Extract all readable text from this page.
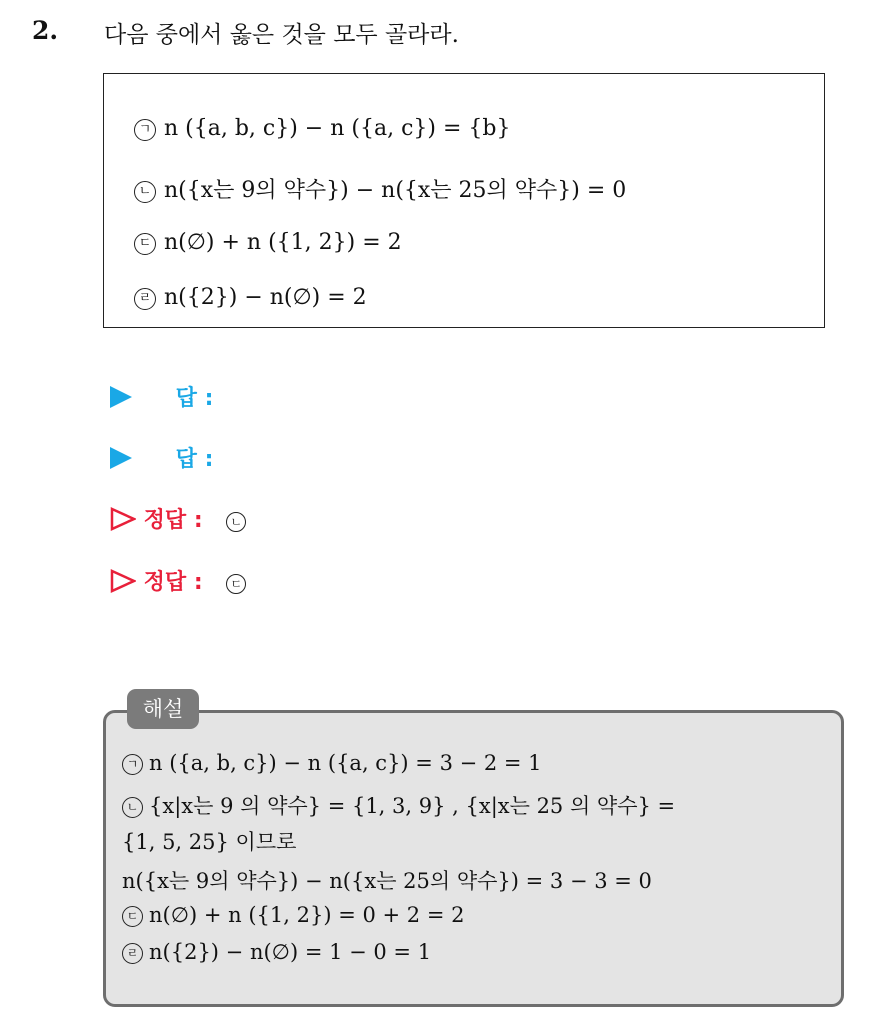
2. 다음 중에서 옳은 것을 모두 골라라.
ㄱ n ({a, b, c}) − n ({a, c}) = {b}
ㄴ n({x는 9의 약수}) − n({x는 25의 약수}) = 0
ㄷ n(∅) + n ({1, 2}) = 2
ㄹ n({2}) − n(∅) = 2
답 :
답 :
정답 : ㄴ
정답 : ㄷ
해설
ㄱ n ({a, b, c}) − n ({a, c}) = 3 − 2 = 1
ㄴ {x|x는 9 의 약수} = {1, 3, 9} , {x|x는 25 의 약수} =
{1, 5, 25} 이므로
n({x는 9의 약수}) − n({x는 25의 약수}) = 3 − 3 = 0
ㄷ n(∅) + n ({1, 2}) = 0 + 2 = 2
ㄹ n({2}) − n(∅) = 1 − 0 = 1
